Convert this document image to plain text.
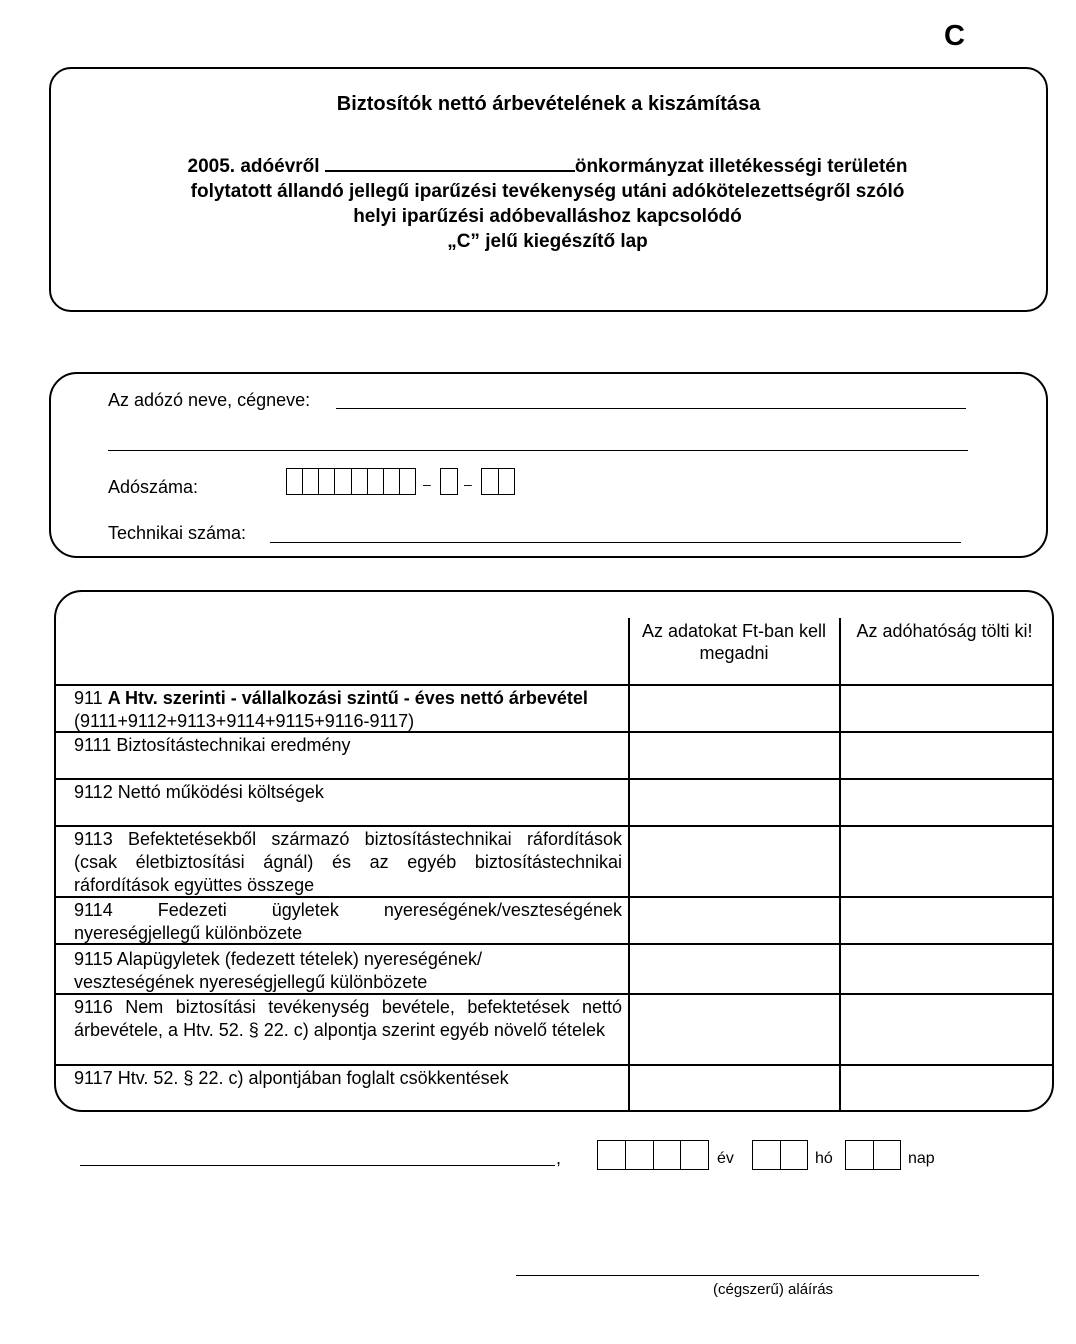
C
Biztosítók nettó árbevételének a kiszámítása
2005. adóévről	önkormányzat illetékességi területén
folytatott állandó jellegű iparűzési tevékenység utáni adókötelezettségről szóló
helyi iparűzési adóbevalláshoz kapcsolódó
„C” jelű kiegészítő lap
Az adózó neve, cégneve:
Adószáma:	– –
Technikai száma:
Az adatokat Ft-ban kell megadni
Az adóhatóság tölti ki!
911 A Htv. szerinti - vállalkozási szintű - éves nettó árbevétel (9111+9112+9113+9114+9115+9116-9117)
9111 Biztosítástechnikai eredmény
9112 Nettó működési költségek
9113 Befektetésekből származó biztosítástechnikai ráfordítások (csak életbiztosítási ágnál) és az egyéb biztosítástechnikai ráfordítások együttes összege
9114	Fedezeti ügyletek nyereségének/veszteségének nyereségjellegű különbözete
9115 Alapügyletek (fedezett tételek) nyereségének/ veszteségének nyereségjellegű különbözete
9116 Nem biztosítási tevékenység bevétele, befektetések nettó árbevétele, a Htv. 52. § 22. c) alpontja szerint egyéb növelő tételek
9117 Htv. 52. § 22. c) alpontjában foglalt csökkentések
,	év	hó	nap
(cégszerű) aláírás
